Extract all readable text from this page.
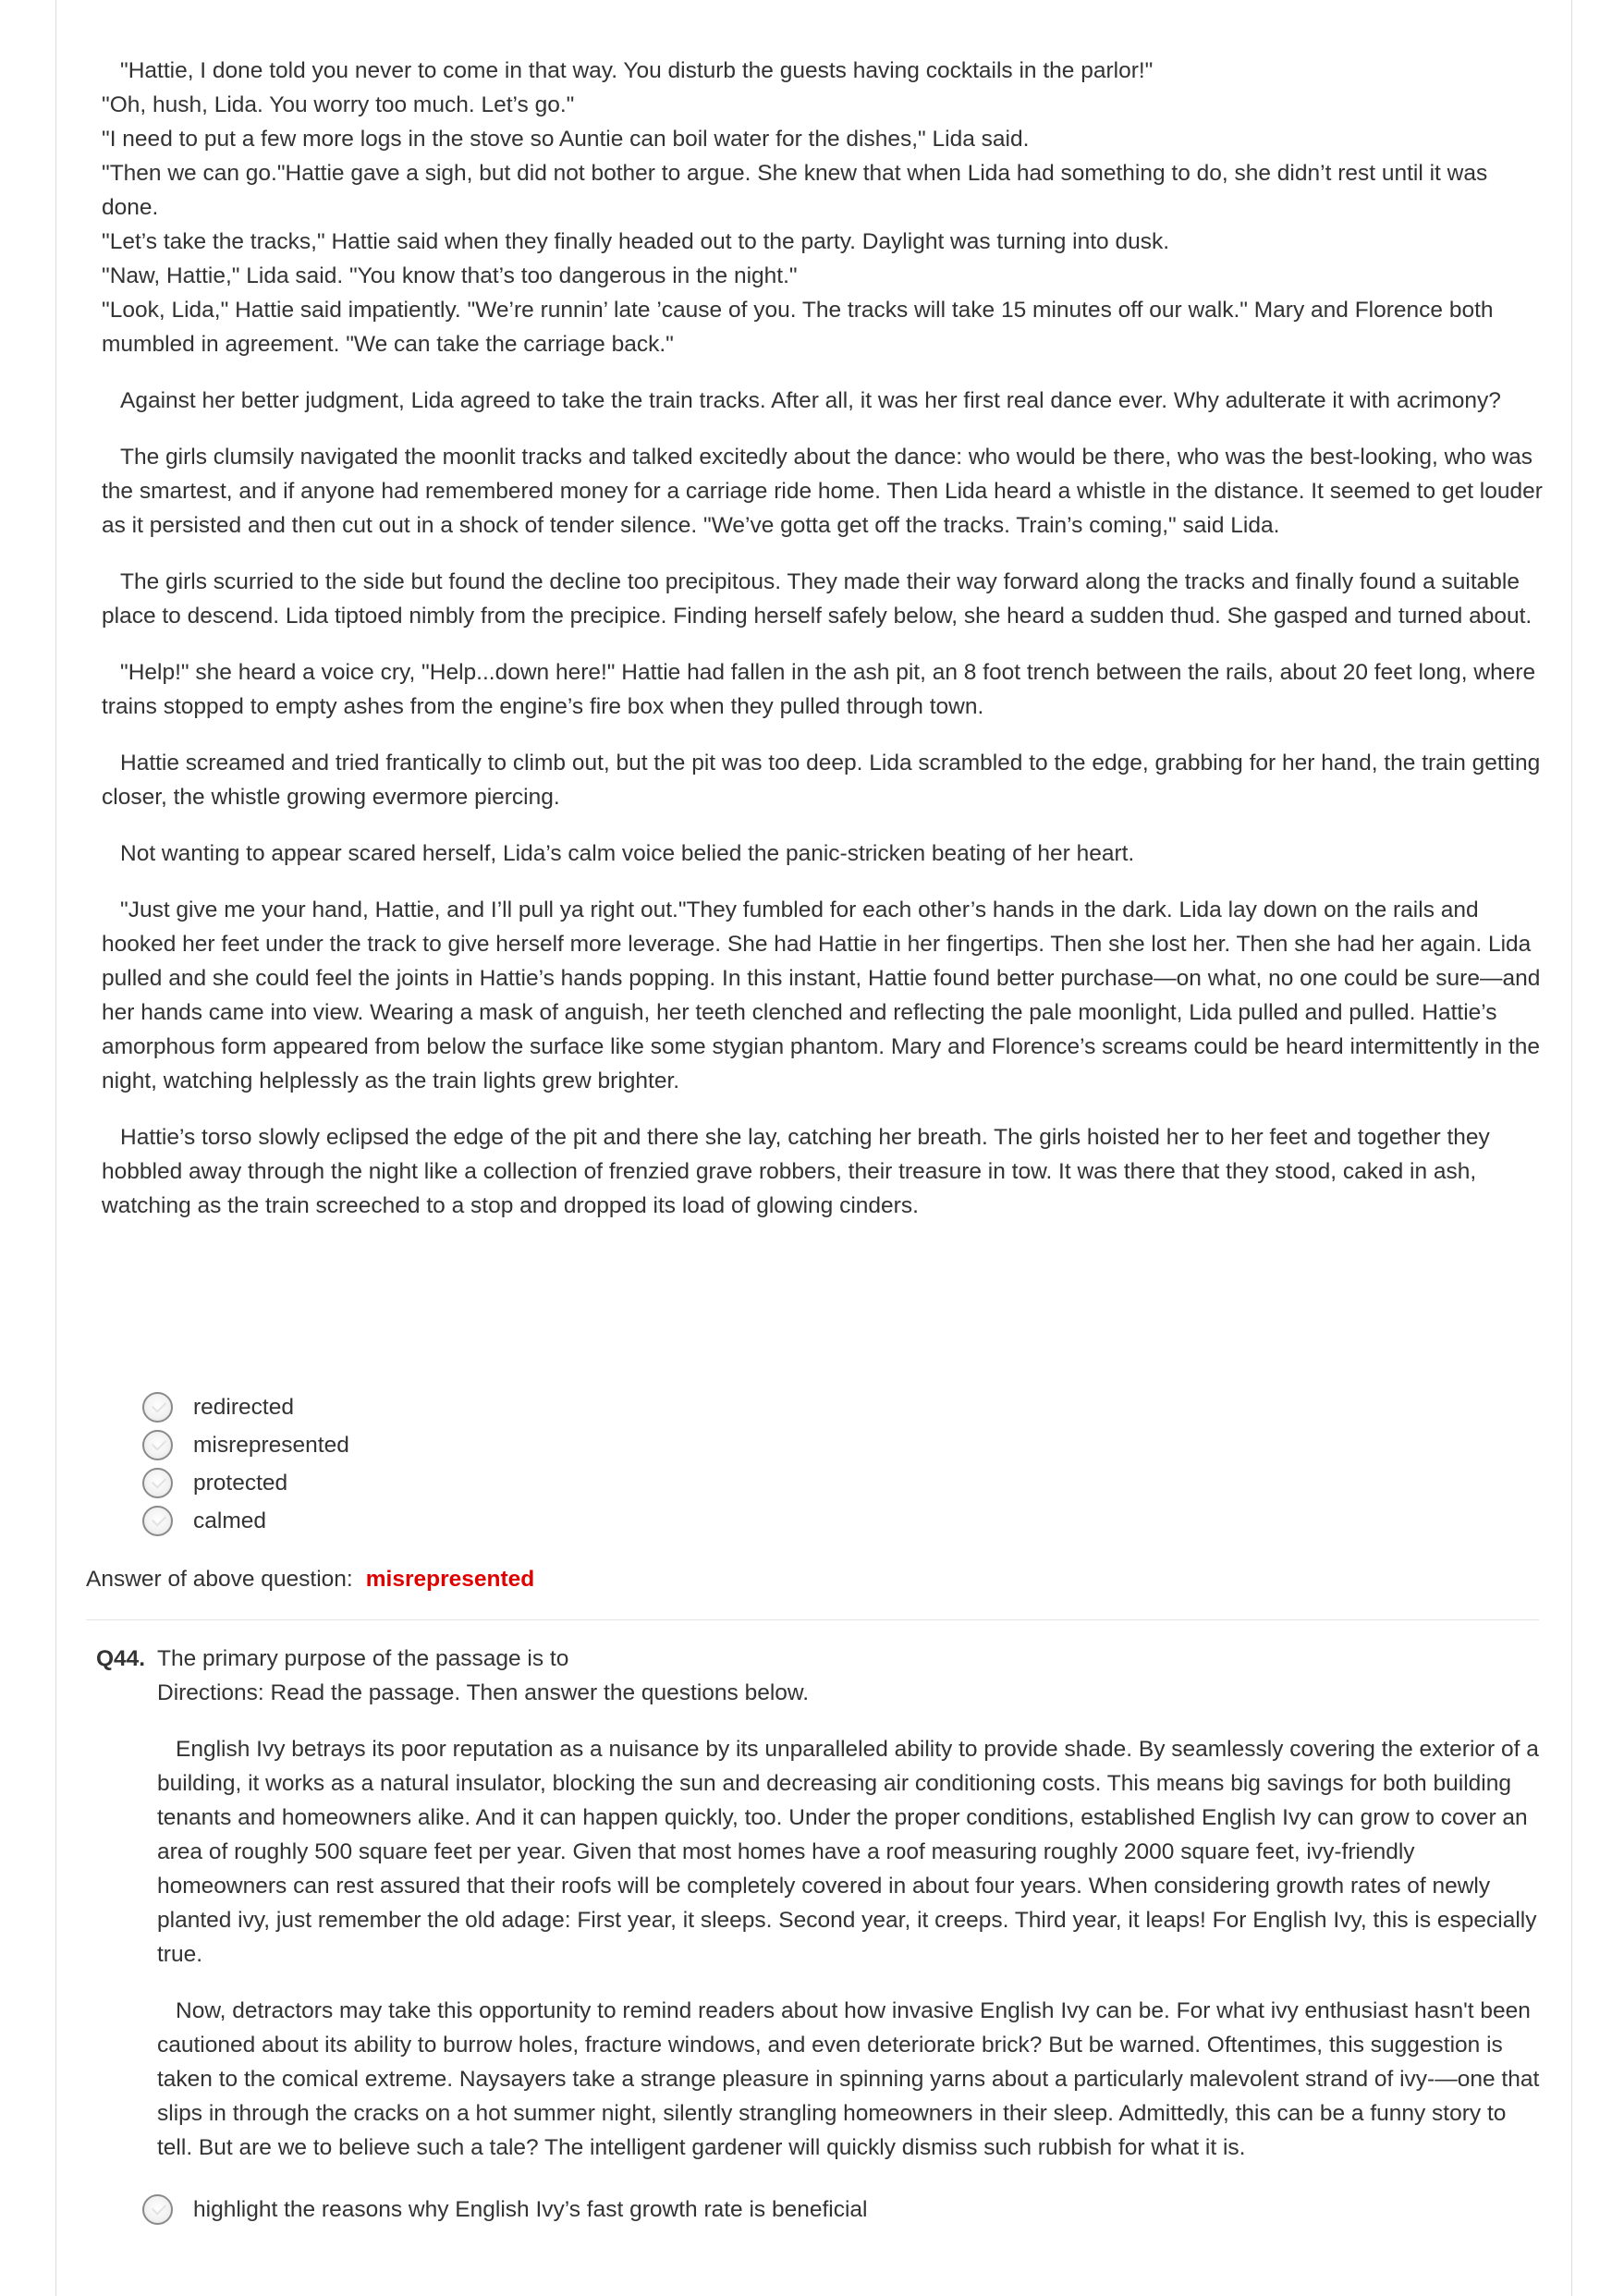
"Hattie, I done told you never to come in that way. You disturb the guests having cocktails in the parlor!"
"Oh, hush, Lida. You worry too much. Let’s go."
"I need to put a few more logs in the stove so Auntie can boil water for the dishes," Lida said.
"Then we can go."Hattie gave a sigh, but did not bother to argue. She knew that when Lida had something to do, she didn’t rest until it was done.
"Let’s take the tracks," Hattie said when they finally headed out to the party. Daylight was turning into dusk.
"Naw, Hattie," Lida said. "You know that’s too dangerous in the night."
"Look, Lida," Hattie said impatiently. "We’re runnin’ late ’cause of you. The tracks will take 15 minutes off our walk." Mary and Florence both mumbled in agreement. "We can take the carriage back."

Against her better judgment, Lida agreed to take the train tracks. After all, it was her first real dance ever. Why adulterate it with acrimony?

The girls clumsily navigated the moonlit tracks and talked excitedly about the dance: who would be there, who was the best-looking, who was the smartest, and if anyone had remembered money for a carriage ride home. Then Lida heard a whistle in the distance. It seemed to get louder as it persisted and then cut out in a shock of tender silence. "We’ve gotta get off the tracks. Train’s coming," said Lida.

The girls scurried to the side but found the decline too precipitous. They made their way forward along the tracks and finally found a suitable place to descend. Lida tiptoed nimbly from the precipice. Finding herself safely below, she heard a sudden thud. She gasped and turned about.

"Help!" she heard a voice cry, "Help...down here!" Hattie had fallen in the ash pit, an 8 foot trench between the rails, about 20 feet long, where trains stopped to empty ashes from the engine’s fire box when they pulled through town.

Hattie screamed and tried frantically to climb out, but the pit was too deep. Lida scrambled to the edge, grabbing for her hand, the train getting closer, the whistle growing evermore piercing.

Not wanting to appear scared herself, Lida’s calm voice belied the panic-stricken beating of her heart.

"Just give me your hand, Hattie, and I’ll pull ya right out."They fumbled for each other’s hands in the dark. Lida lay down on the rails and hooked her feet under the track to give herself more leverage. She had Hattie in her fingertips. Then she lost her. Then she had her again. Lida pulled and she could feel the joints in Hattie’s hands popping. In this instant, Hattie found better purchase—on what, no one could be sure—and her hands came into view. Wearing a mask of anguish, her teeth clenched and reflecting the pale moonlight, Lida pulled and pulled. Hattie’s amorphous form appeared from below the surface like some stygian phantom. Mary and Florence’s screams could be heard intermittently in the night, watching helplessly as the train lights grew brighter.

Hattie’s torso slowly eclipsed the edge of the pit and there she lay, catching her breath. The girls hoisted her to her feet and together they hobbled away through the night like a collection of frenzied grave robbers, their treasure in tow. It was there that they stood, caked in ash, watching as the train screeched to a stop and dropped its load of glowing cinders.

redirected
misrepresented
protected
calmed
Answer of above question: misrepresented
Q44. The primary purpose of the passage is to
Directions: Read the passage. Then answer the questions below.

English Ivy betrays its poor reputation as a nuisance by its unparalleled ability to provide shade. By seamlessly covering the exterior of a building, it works as a natural insulator, blocking the sun and decreasing air conditioning costs. This means big savings for both building tenants and homeowners alike. And it can happen quickly, too. Under the proper conditions, established English Ivy can grow to cover an area of roughly 500 square feet per year. Given that most homes have a roof measuring roughly 2000 square feet, ivy-friendly homeowners can rest assured that their roofs will be completely covered in about four years. When considering growth rates of newly planted ivy, just remember the old adage: First year, it sleeps. Second year, it creeps. Third year, it leaps! For English Ivy, this is especially true.

Now, detractors may take this opportunity to remind readers about how invasive English Ivy can be. For what ivy enthusiast hasn't been cautioned about its ability to burrow holes, fracture windows, and even deteriorate brick? But be warned. Oftentimes, this suggestion is taken to the comical extreme. Naysayers take a strange pleasure in spinning yarns about a particularly malevolent strand of ivy-—one that slips in through the cracks on a hot summer night, silently strangling homeowners in their sleep. Admittedly, this can be a funny story to tell. But are we to believe such a tale? The intelligent gardener will quickly dismiss such rubbish for what it is.

highlight the reasons why English Ivy’s fast growth rate is beneficial
